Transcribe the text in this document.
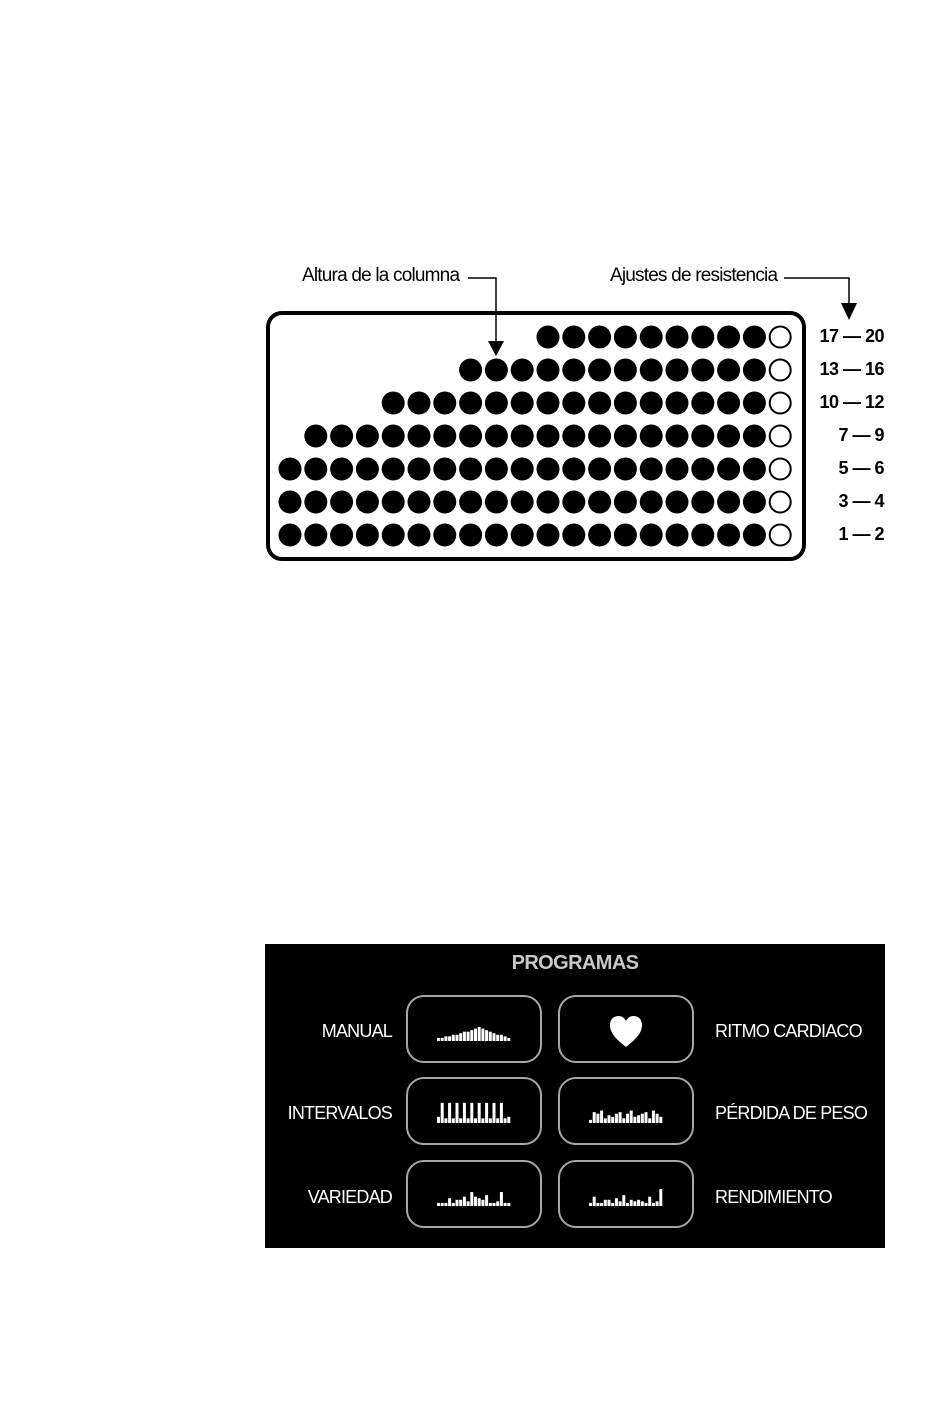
Altura de la columna	Ajustes de resistencia
17 — 20
13 — 16
10 — 12
7 — 9
5 — 6
3 — 4
1 — 2
PROGRAMAS
MANUAL	RITMO CARDIACO
INTERVALOS	PÉRDIDA DE PESO
VARIEDAD	RENDIMIENTO
